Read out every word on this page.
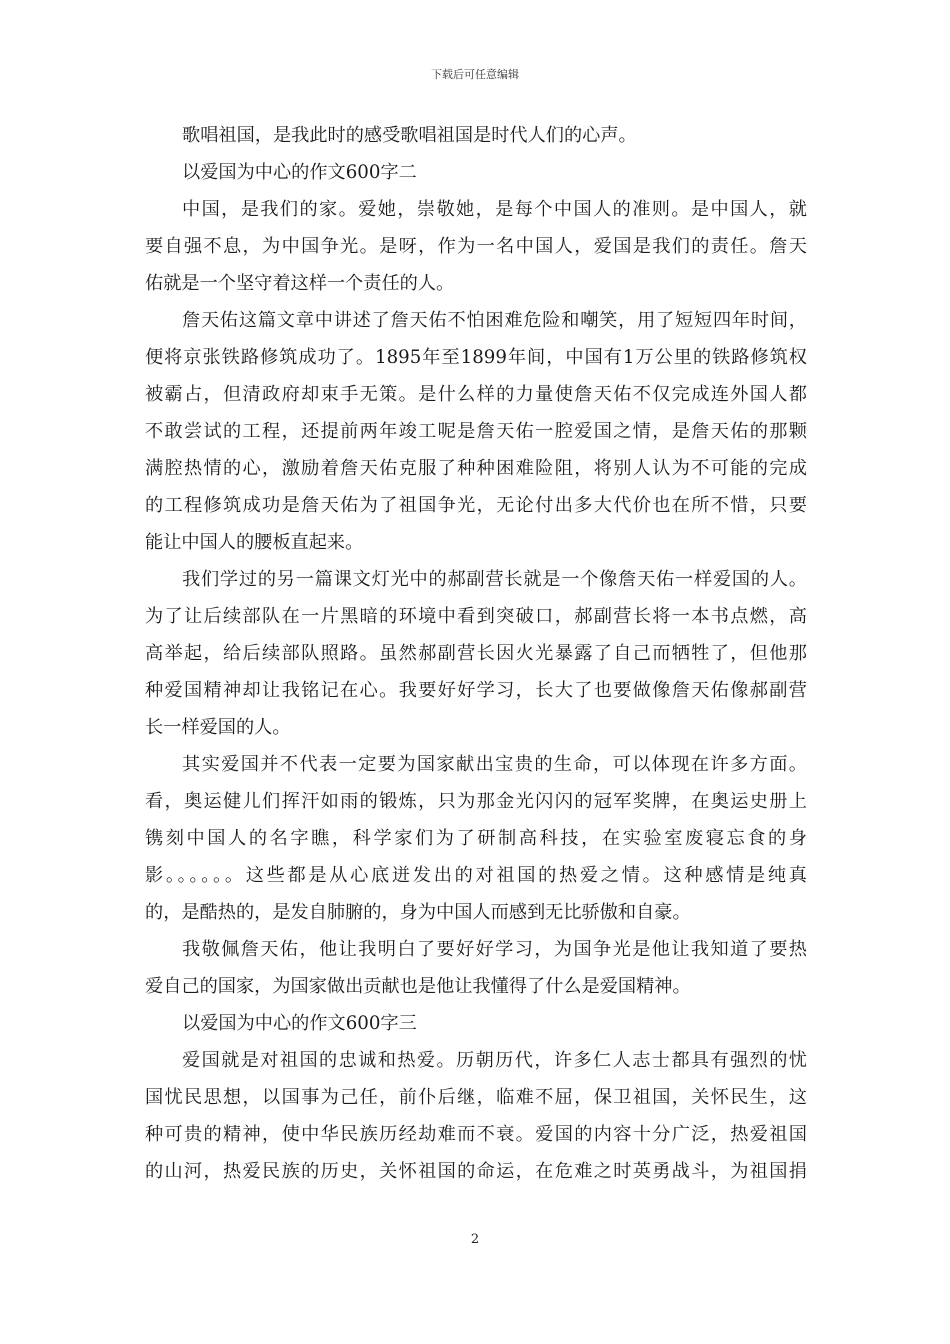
下载后可任意编辑
歌唱祖国，是我此时的感受歌唱祖国是时代人们的心声。
以爱国为中心的作文600字二
中国，是我们的家。爱她，崇敬她，是每个中国人的准则。是中国人，就
要自强不息，为中国争光。是呀，作为一名中国人，爱国是我们的责任。詹天
佑就是一个坚守着这样一个责任的人。
詹天佑这篇文章中讲述了詹天佑不怕困难危险和嘲笑，用了短短四年时间，
便将京张铁路修筑成功了。1895年至1899年间，中国有1万公里的铁路修筑权
被霸占，但清政府却束手无策。是什么样的力量使詹天佑不仅完成连外国人都
不敢尝试的工程，还提前两年竣工呢是詹天佑一腔爱国之情，是詹天佑的那颗
满腔热情的心，激励着詹天佑克服了种种困难险阻，将别人认为不可能的完成
的工程修筑成功是詹天佑为了祖国争光，无论付出多大代价也在所不惜，只要
能让中国人的腰板直起来。
我们学过的另一篇课文灯光中的郝副营长就是一个像詹天佑一样爱国的人。
为了让后续部队在一片黑暗的环境中看到突破口，郝副营长将一本书点燃，高
高举起，给后续部队照路。虽然郝副营长因火光暴露了自己而牺牲了，但他那
种爱国精神却让我铭记在心。我要好好学习，长大了也要做像詹天佑像郝副营
长一样爱国的人。
其实爱国并不代表一定要为国家献出宝贵的生命，可以体现在许多方面。
看，奥运健儿们挥汗如雨的锻炼，只为那金光闪闪的冠军奖牌，在奥运史册上
镌刻中国人的名字瞧，科学家们为了研制高科技，在实验室废寝忘食的身
影。。。。。。这些都是从心底迸发出的对祖国的热爱之情。这种感情是纯真
的，是酷热的，是发自肺腑的，身为中国人而感到无比骄傲和自豪。
我敬佩詹天佑，他让我明白了要好好学习，为国争光是他让我知道了要热
爱自己的国家，为国家做出贡献也是他让我懂得了什么是爱国精神。
以爱国为中心的作文600字三
爱国就是对祖国的忠诚和热爱。历朝历代，许多仁人志士都具有强烈的忧
国忧民思想，以国事为己任，前仆后继，临难不屈，保卫祖国，关怀民生，这
种可贵的精神，使中华民族历经劫难而不衰。爱国的内容十分广泛，热爱祖国
的山河，热爱民族的历史，关怀祖国的命运，在危难之时英勇战斗，为祖国捐
2
